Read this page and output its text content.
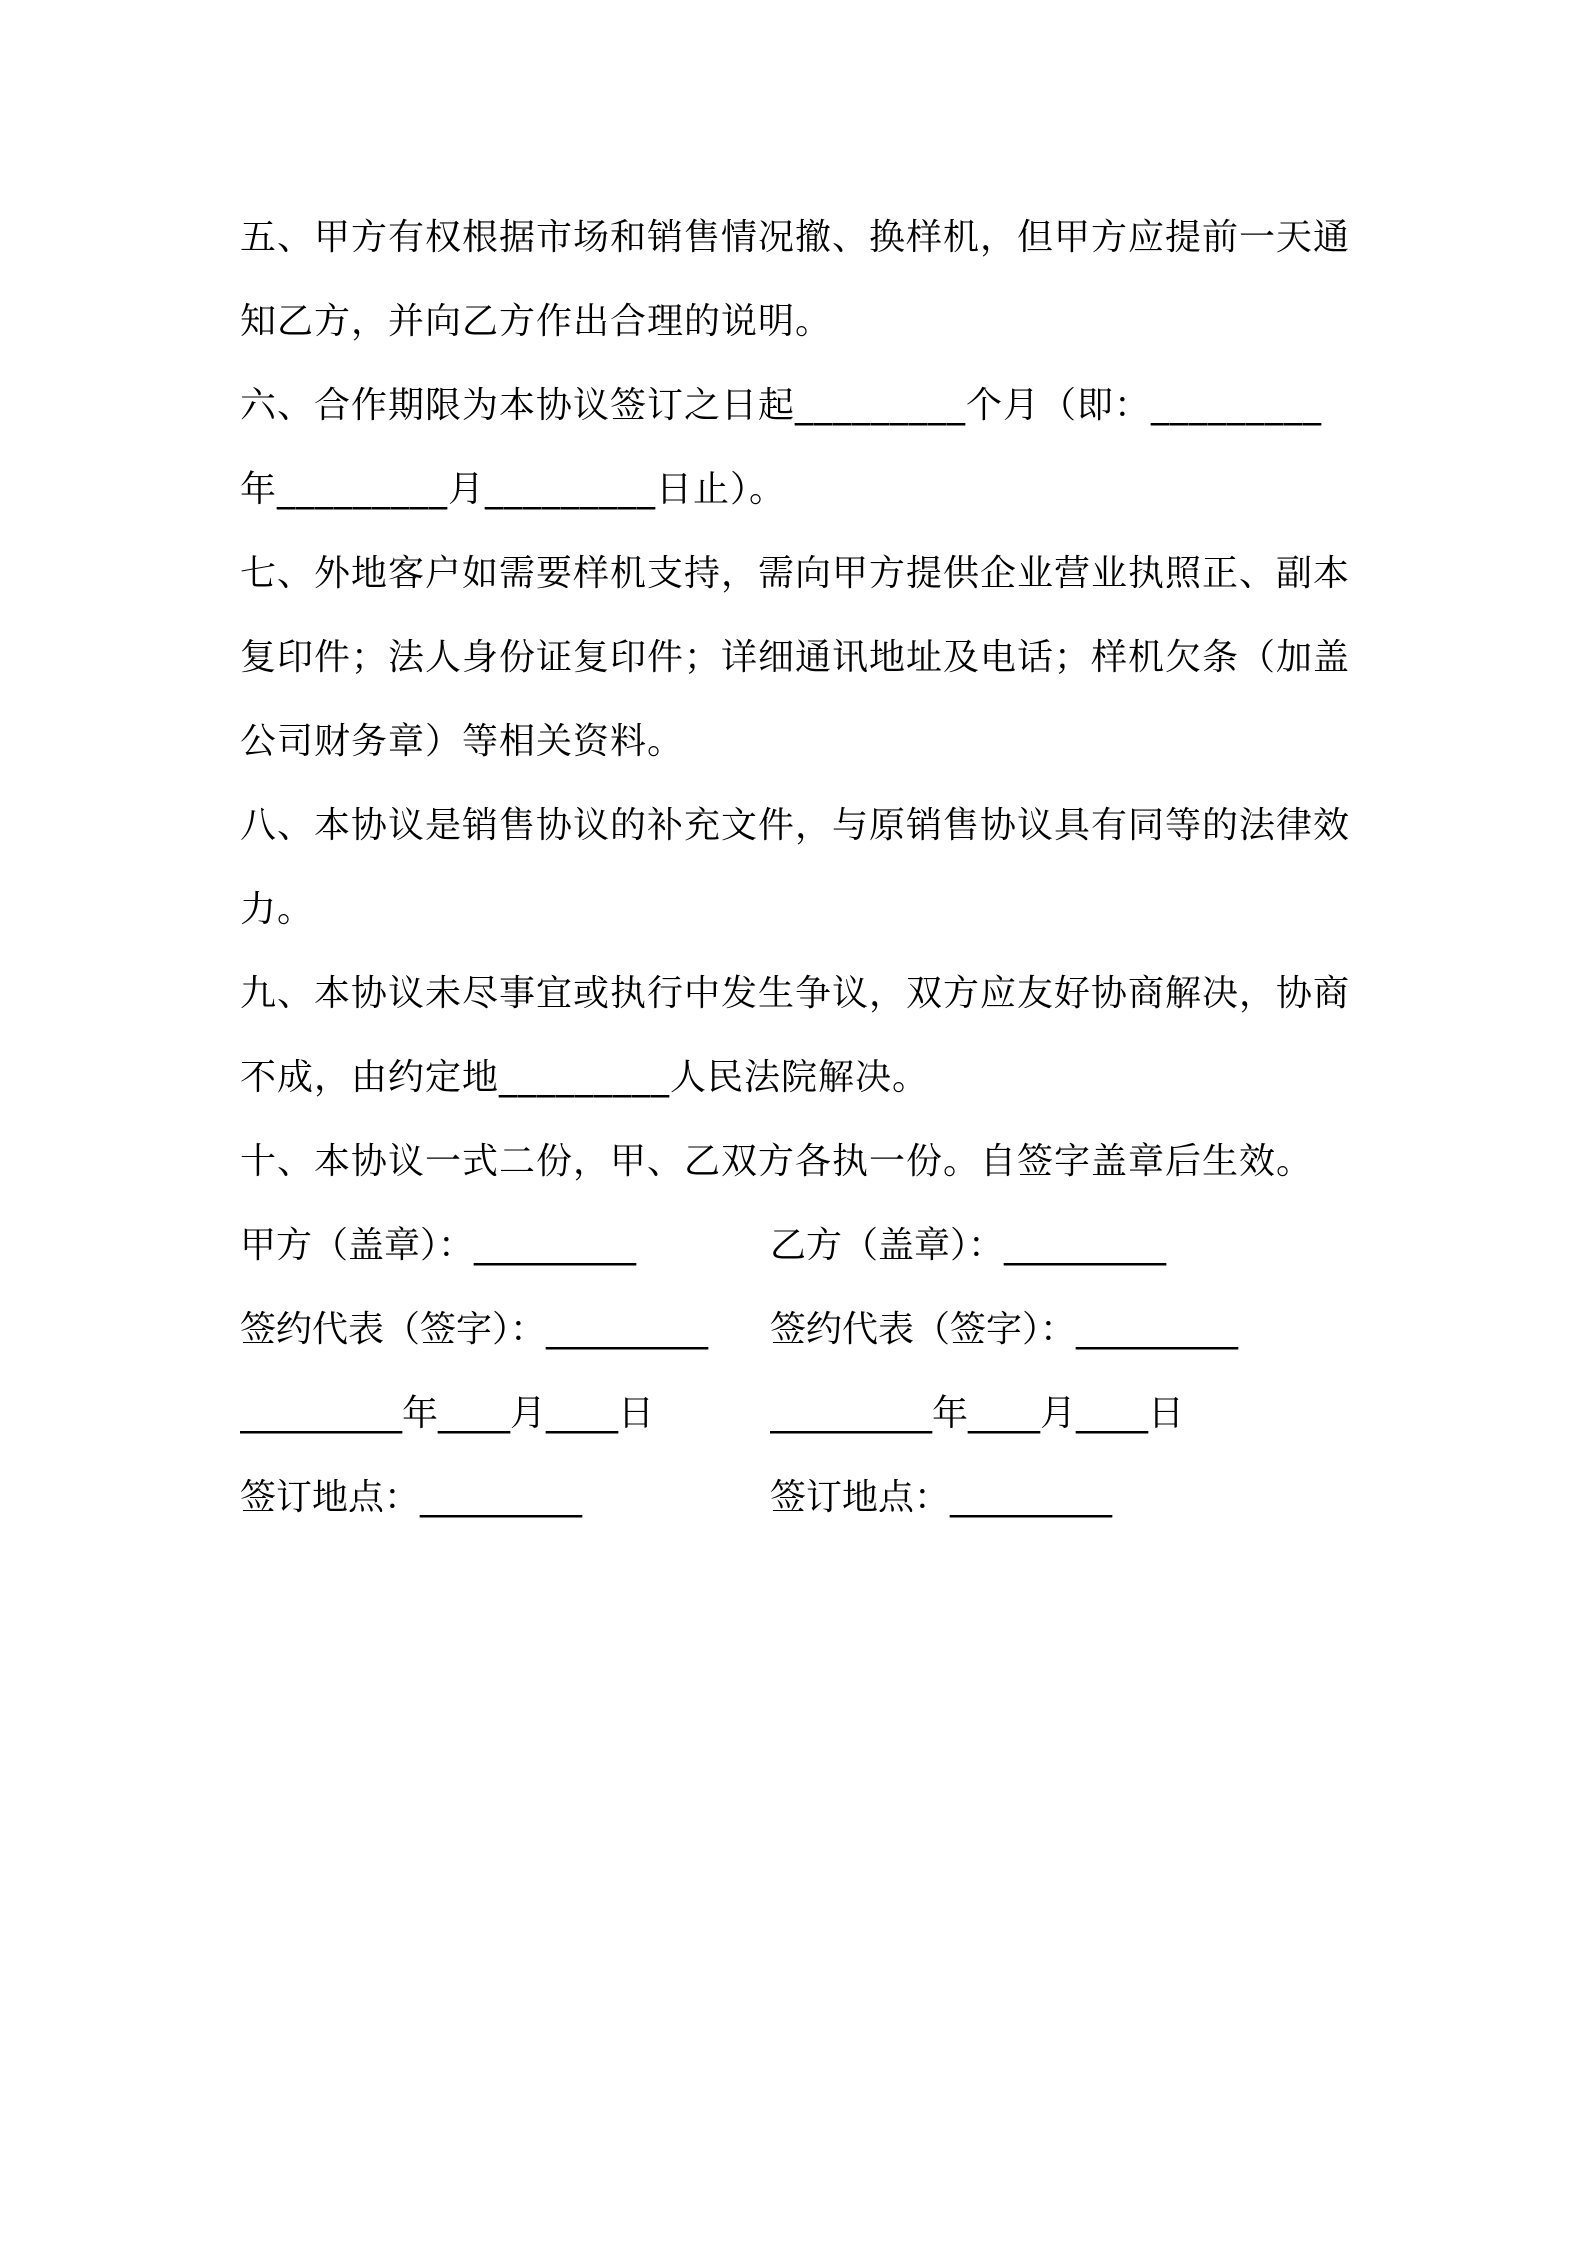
五、甲方有权根据市场和销售情况撤、换样机，但甲方应提前一天通
知乙方，并向乙方作出合理的说明。
六、合作期限为本协议签订之日起_________个月（即：_________
年_________月_________日止）。
七、外地客户如需要样机支持，需向甲方提供企业营业执照正、副本
复印件；法人身份证复印件；详细通讯地址及电话；样机欠条（加盖
公司财务章）等相关资料。
八、本协议是销售协议的补充文件，与原销售协议具有同等的法律效
力。
九、本协议未尽事宜或执行中发生争议，双方应友好协商解决，协商
不成，由约定地_________人民法院解决。
十、本协议一式二份，甲、乙双方各执一份。自签字盖章后生效。
甲方（盖章）：_________	乙方（盖章）：_________
签约代表（签字）：_________	签约代表（签字）：_________
_________年____月____日	_________年____月____日
签订地点：_________	签订地点：_________
